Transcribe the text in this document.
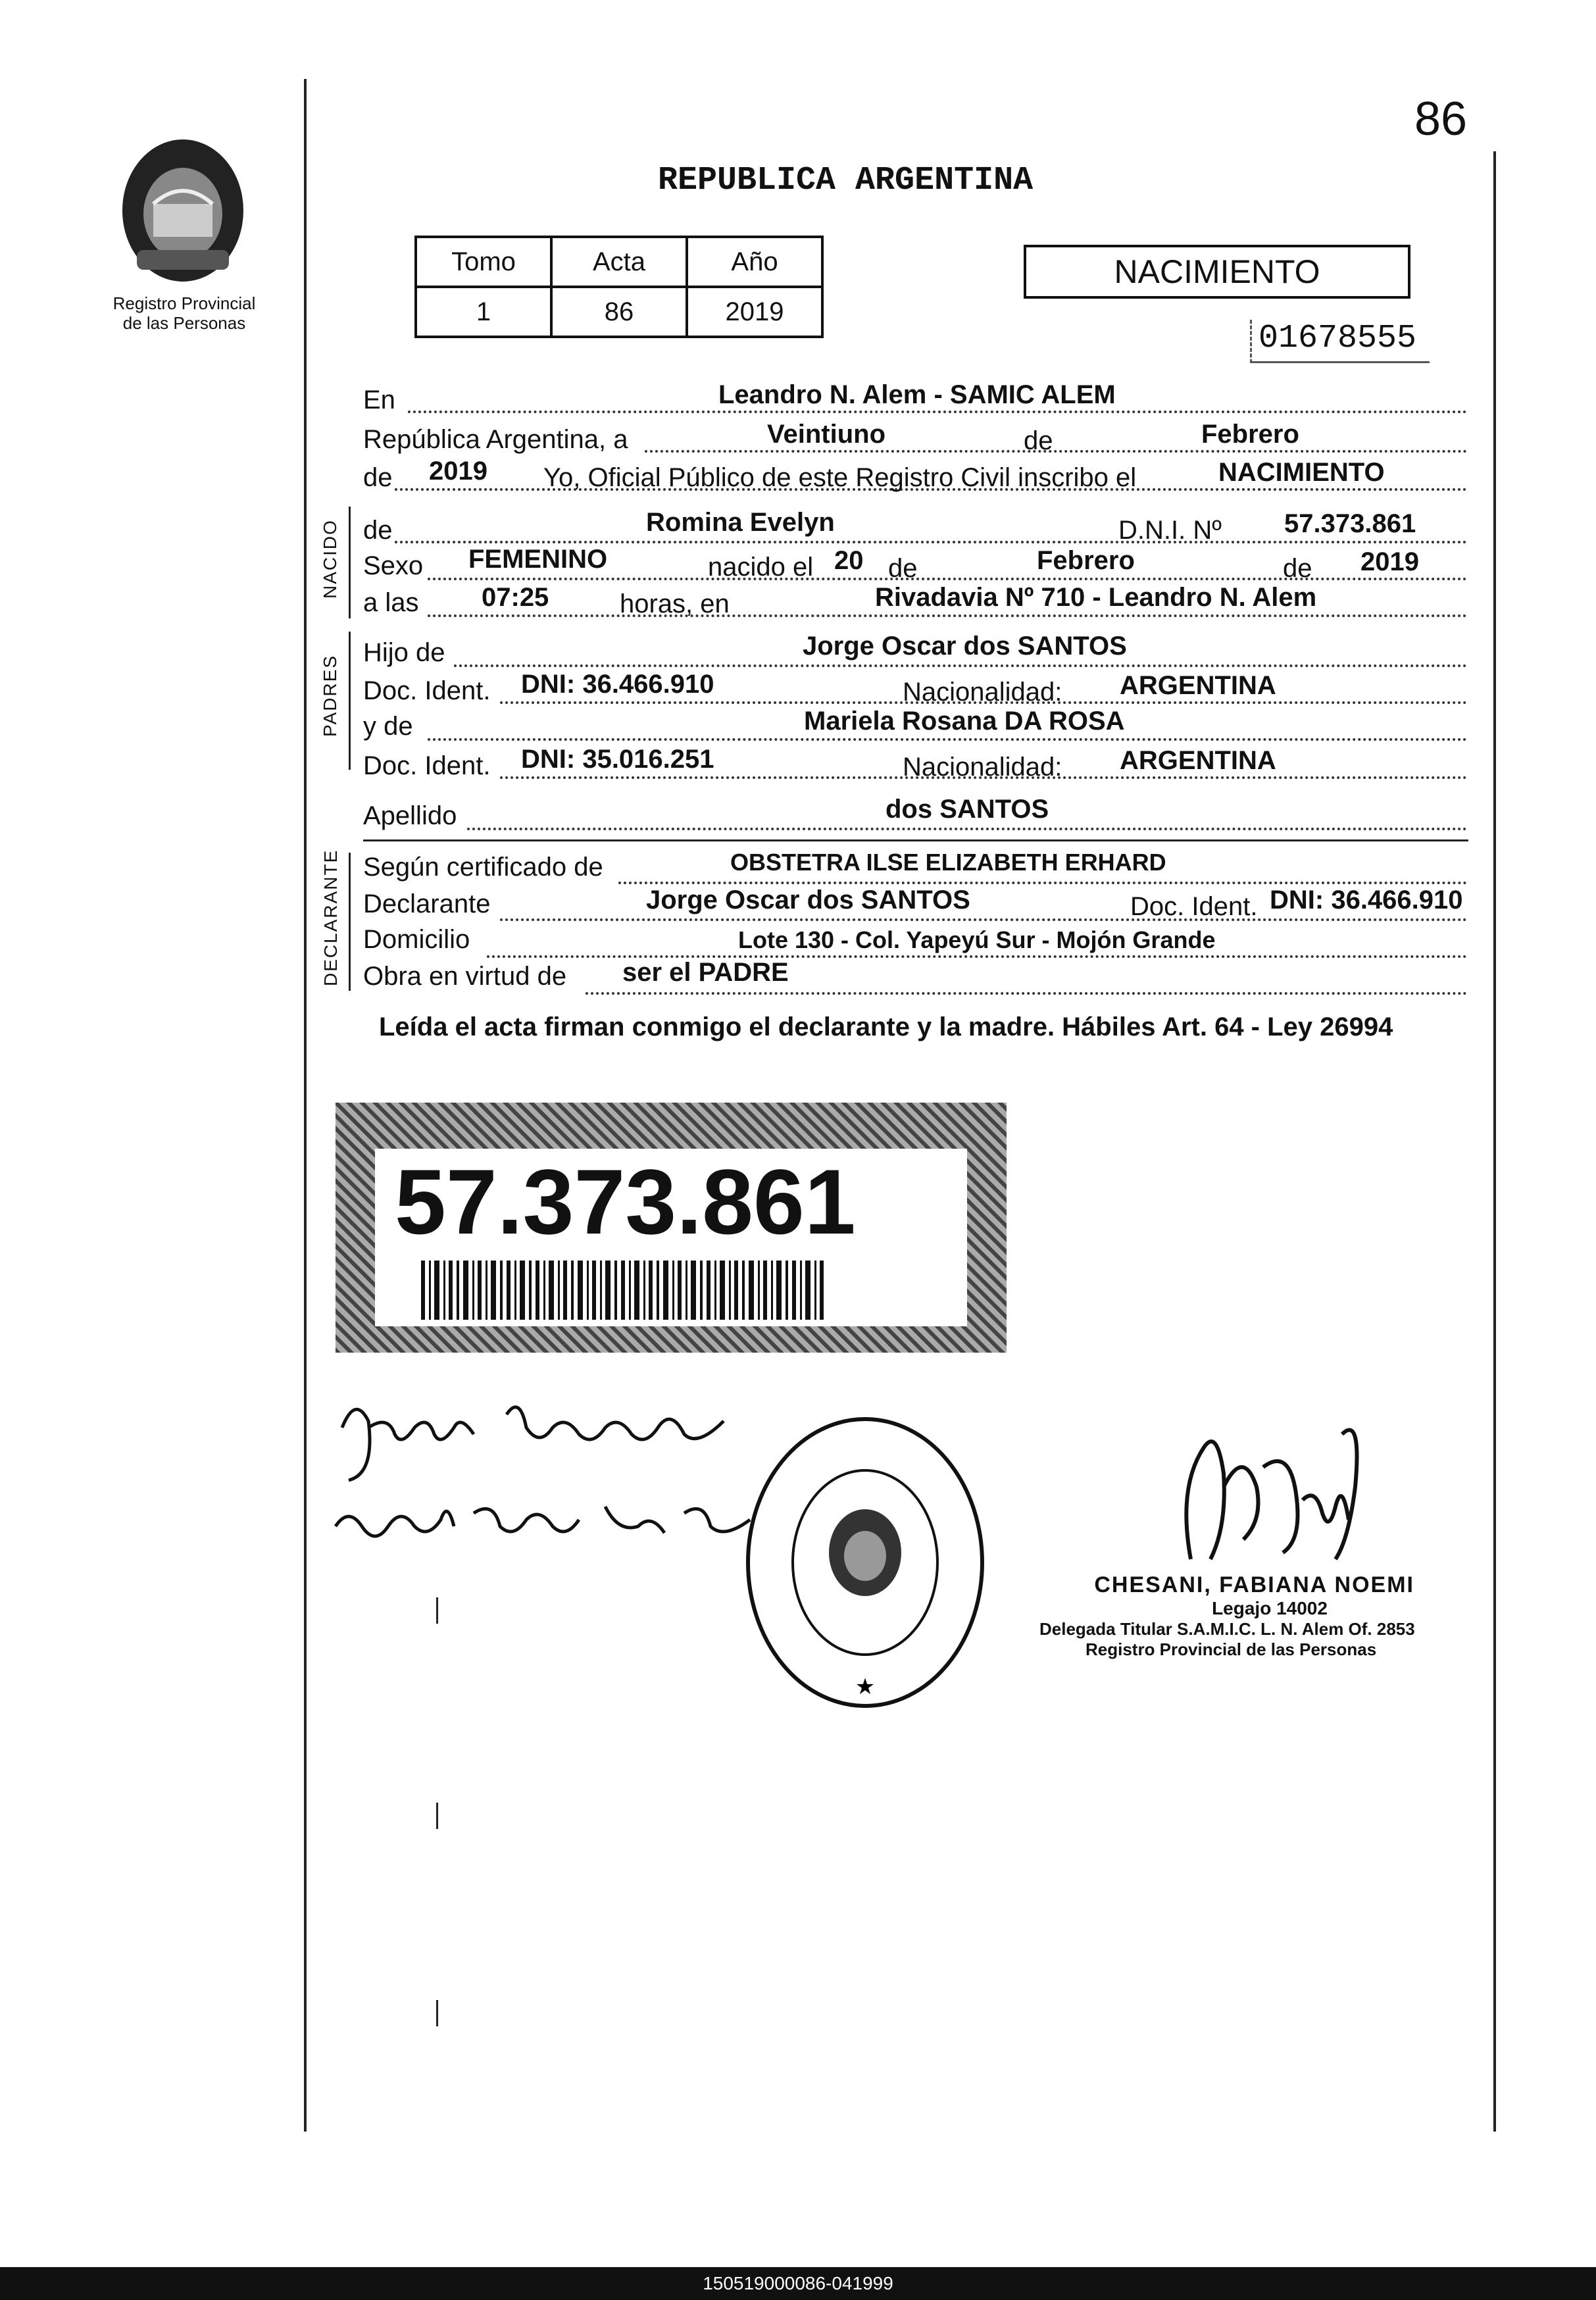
86
Registro Provincial
de las Personas
REPUBLICA ARGENTINA
Tomo	Acta	Año
1	86	2019
NACIMIENTO
01678555
En	Leandro N. Alem - SAMIC ALEM
República Argentina, a	Veintiuno	de	Febrero
de 2019 Yo, Oficial Público de este Registro Civil inscribo el	NACIMIENTO
NACIDO de	Romina Evelyn	D.N.I. Nº 57.373.861
Sexo FEMENINO	nacido el 20 de	Febrero	de 2019
a las 07:25	horas, en	Rivadavia Nº 710 - Leandro N. Alem
PADRES
Hijo de	Jorge Oscar dos SANTOS
Doc. Ident. DNI: 36.466.910	Nacionalidad: ARGENTINA
y de	Mariela Rosana DA ROSA
Doc. Ident. DNI: 35.016.251	Nacionalidad: ARGENTINA
Apellido	dos SANTOS
DECLARANTE Según certificado de	OBSTETRA ILSE ELIZABETH ERHARD
Declarante	Jorge Oscar dos SANTOS	Doc. Ident. DNI: 36.466.910
Domicilio	Lote 130 - Col. Yapeyú Sur - Mojón Grande
Obra en virtud de ser el PADRE
Leída el acta firman conmigo el declarante y la madre. Hábiles Art. 64 - Ley 26994
57.373.861
★
CHESANI, FABIANA NOEMI
Legajo 14002
Delegada Titular S.A.M.I.C. L. N. Alem Of. 2853
Registro Provincial de las Personas
150519000086-041999
